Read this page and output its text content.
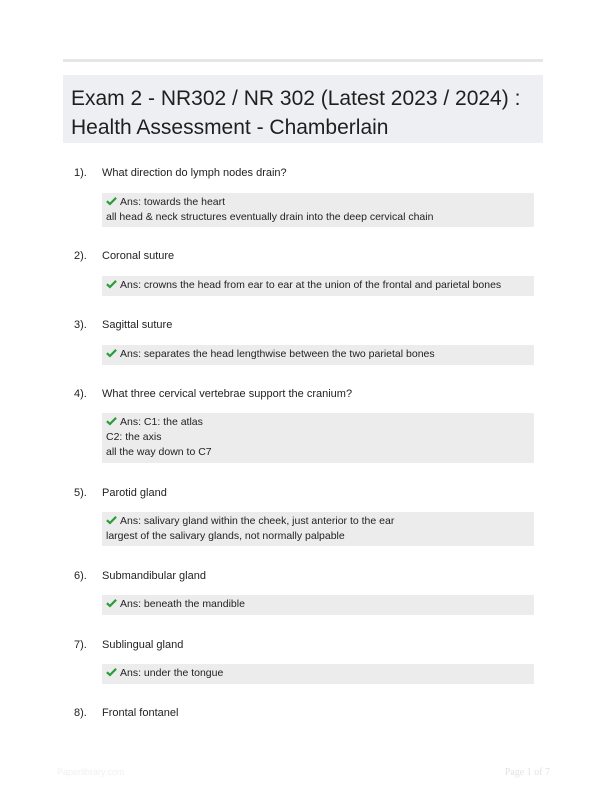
Exam 2 - NR302 / NR 302 (Latest 2023 / 2024) :
Health Assessment - Chamberlain
1). What direction do lymph nodes drain?
Ans: towards the heart
all head & neck structures eventually drain into the deep cervical chain
2). Coronal suture
Ans: crowns the head from ear to ear at the union of the frontal and parietal bones
3). Sagittal suture
Ans: separates the head lengthwise between the two parietal bones
4). What three cervical vertebrae support the cranium?
Ans: C1: the atlas
C2: the axis
all the way down to C7
5). Parotid gland
Ans: salivary gland within the cheek, just anterior to the ear
largest of the salivary glands, not normally palpable
6). Submandibular gland
Ans: beneath the mandible
7). Sublingual gland
Ans: under the tongue
8). Frontal fontanel
Paperlibrary.com	Page 1 of 7
